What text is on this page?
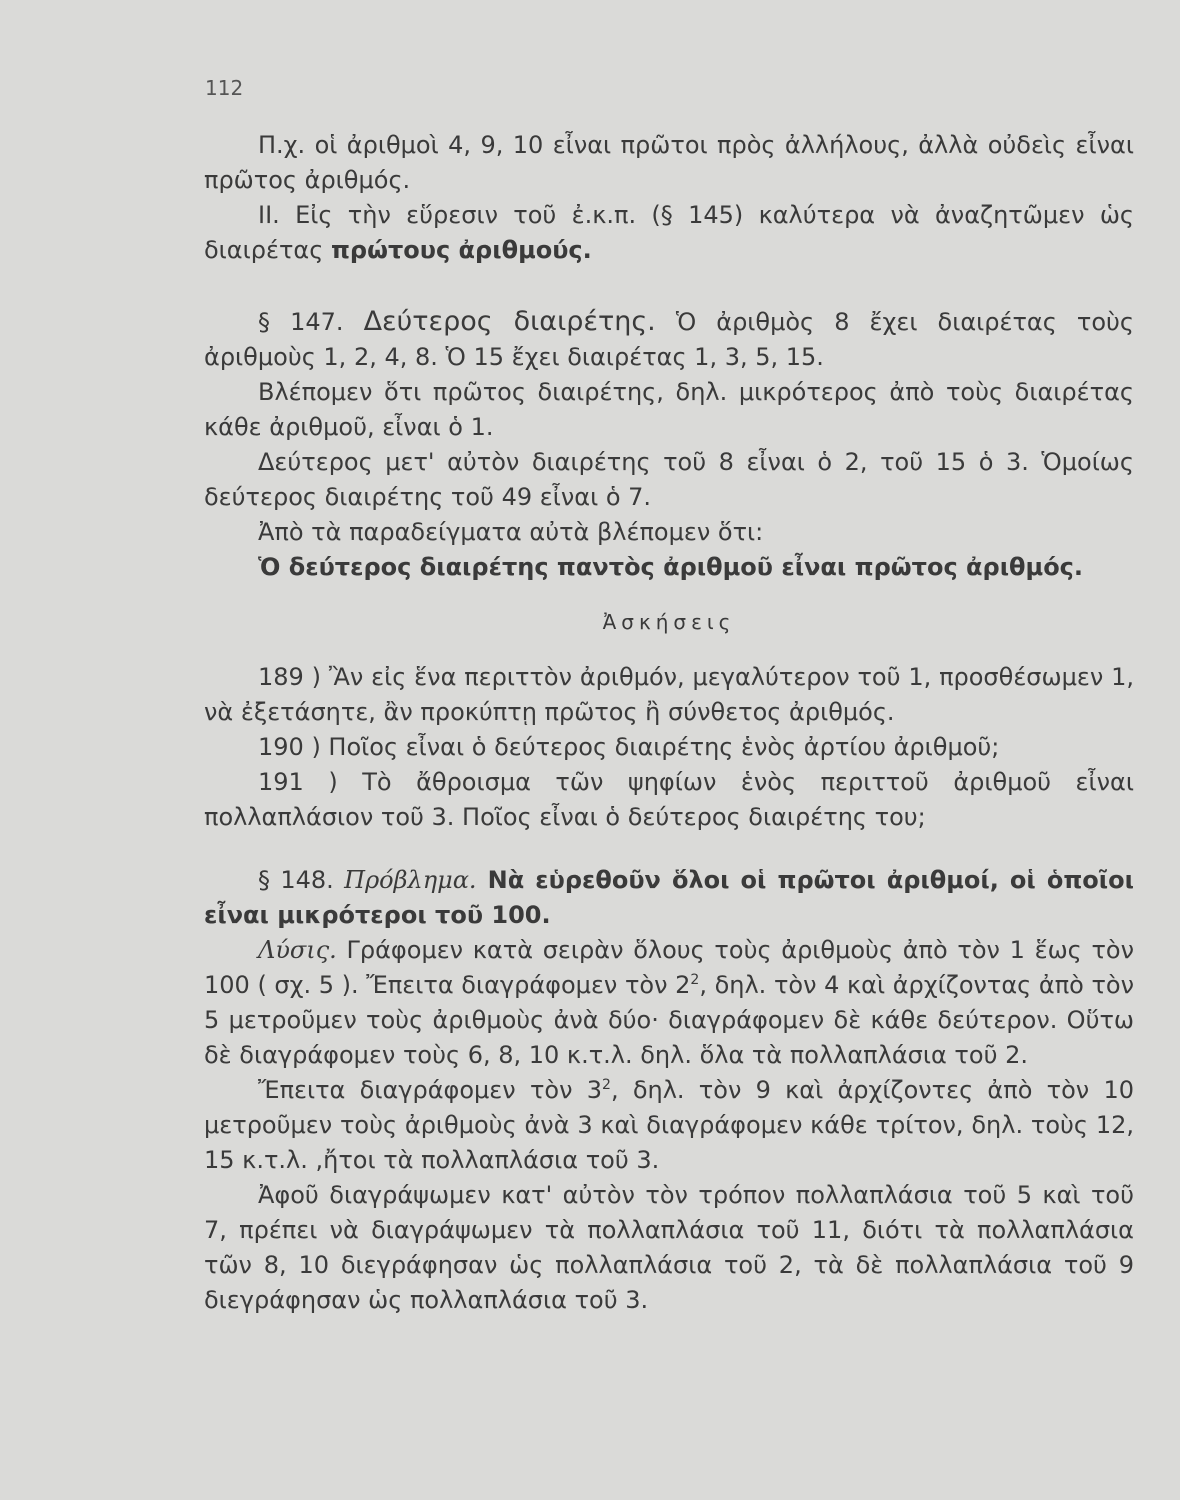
112

Π.χ. οἱ ἀριθμοὶ 4, 9, 10 εἶναι πρῶτοι πρὸς ἀλλήλους, ἀλλὰ οὐδεὶς εἶναι πρῶτος ἀριθμός.

ΙΙ. Εἰς τὴν εὕρεσιν τοῦ ἐ.κ.π. (§ 145) καλύτερα νὰ ἀναζητῶμεν ὡς διαιρέτας πρώτους ἀριθμούς.

§ 147. Δεύτερος διαιρέτης. Ὁ ἀριθμὸς 8 ἔχει διαιρέτας τοὺς ἀριθμοὺς 1, 2, 4, 8. Ὁ 15 ἔχει διαιρέτας 1, 3, 5, 15.

Βλέπομεν ὅτι πρῶτος διαιρέτης, δηλ. μικρότερος ἀπὸ τοὺς διαιρέτας κάθε ἀριθμοῦ, εἶναι ὁ 1.

Δεύτερος μετ' αὐτὸν διαιρέτης τοῦ 8 εἶναι ὁ 2, τοῦ 15 ὁ 3. Ὁμοίως δεύτερος διαιρέτης τοῦ 49 εἶναι ὁ 7.

Ἀπὸ τὰ παραδείγματα αὐτὰ βλέπομεν ὅτι:

Ὁ δεύτερος διαιρέτης παντὸς ἀριθμοῦ εἶναι πρῶτος ἀριθμός.

Ἀσκήσεις

189 ) Ἂν εἰς ἕνα περιττὸν ἀριθμόν, μεγαλύτερον τοῦ 1, προσθέσωμεν 1, νὰ ἐξετάσητε, ἂν προκύπτῃ πρῶτος ἢ σύνθετος ἀριθμός.

190 ) Ποῖος εἶναι ὁ δεύτερος διαιρέτης ἑνὸς ἀρτίου ἀριθμοῦ;

191 ) Τὸ ἄθροισμα τῶν ψηφίων ἑνὸς περιττοῦ ἀριθμοῦ εἶναι πολλαπλάσιον τοῦ 3. Ποῖος εἶναι ὁ δεύτερος διαιρέτης του;

§ 148. Πρόβλημα. Νὰ εὑρεθοῦν ὅλοι οἱ πρῶτοι ἀριθμοί, οἱ ὁποῖοι εἶναι μικρότεροι τοῦ 100.

Λύσις. Γράφομεν κατὰ σειρὰν ὅλους τοὺς ἀριθμοὺς ἀπὸ τὸν 1 ἕως τὸν 100 ( σχ. 5 ). Ἔπειτα διαγράφομεν τὸν $2^2$, δηλ. τὸν 4 καὶ ἀρχίζοντας ἀπὸ τὸν 5 μετροῦμεν τοὺς ἀριθμοὺς ἀνὰ δύο· διαγράφομεν δὲ κάθε δεύτερον. Οὕτω δὲ διαγράφομεν τοὺς 6, 8, 10 κ.τ.λ. δηλ. ὅλα τὰ πολλαπλάσια τοῦ 2.

Ἔπειτα διαγράφομεν τὸν $3^2$, δηλ. τὸν 9 καὶ ἀρχίζοντες ἀπὸ τὸν 10 μετροῦμεν τοὺς ἀριθμοὺς ἀνὰ 3 καὶ διαγράφομεν κάθε τρίτον, δηλ. τοὺς 12, 15 κ.τ.λ. ,ἤτοι τὰ πολλαπλάσια τοῦ 3.

Ἀφοῦ διαγράψωμεν κατ' αὐτὸν τὸν τρόπον πολλαπλάσια τοῦ 5 καὶ τοῦ 7, πρέπει νὰ διαγράψωμεν τὰ πολλαπλάσια τοῦ 11, διότι τὰ πολλαπλάσια τῶν 8, 10 διεγράφησαν ὡς πολλαπλάσια τοῦ 2, τὰ δὲ πολλαπλάσια τοῦ 9 διεγράφησαν ὡς πολλαπλάσια τοῦ 3.
